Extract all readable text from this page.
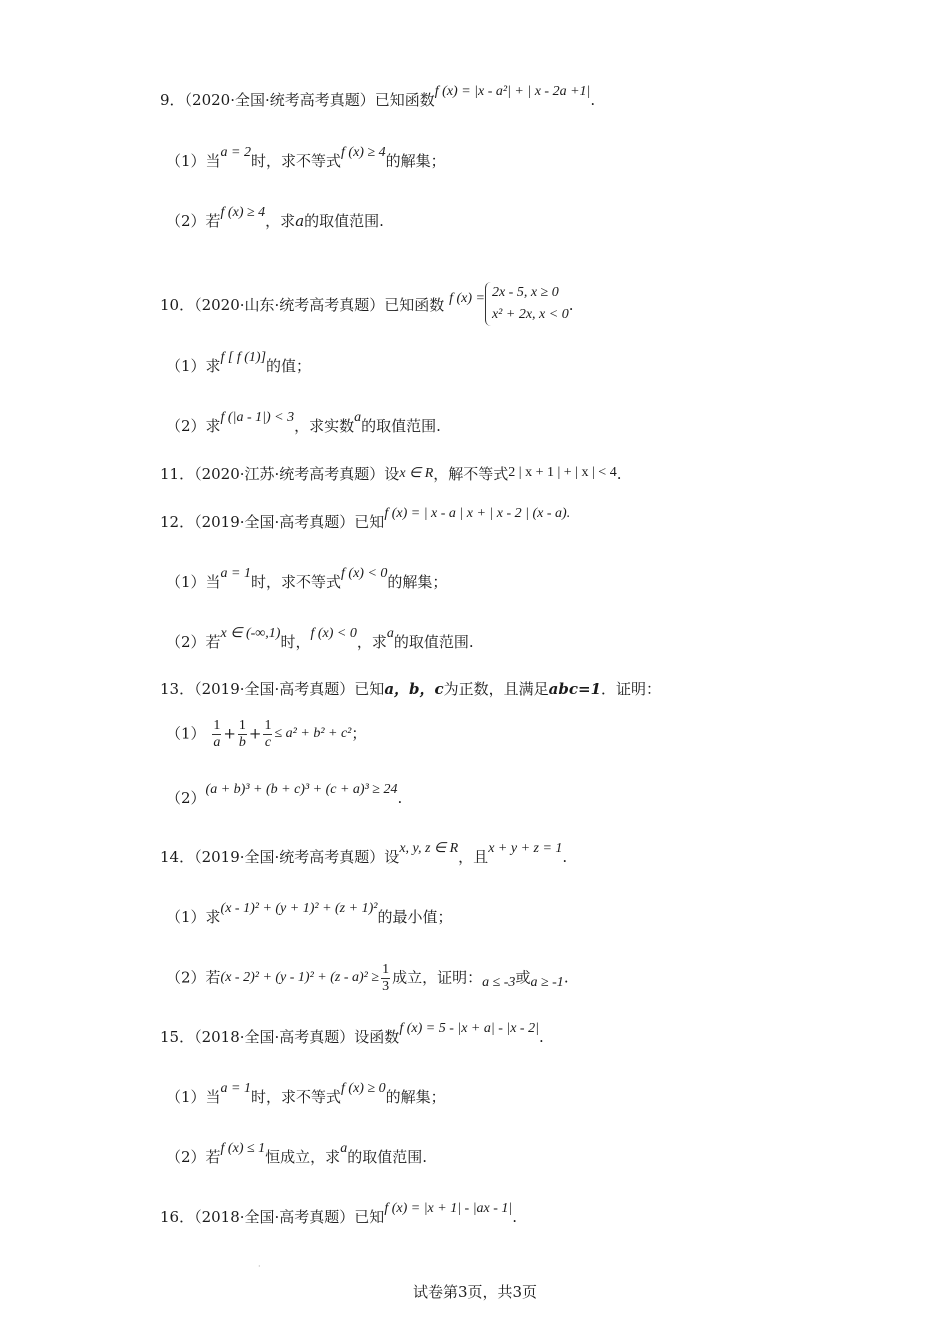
9．（2020·全国·统考高考真题）已知函数f (x) = |x - a²| + | x - 2a +1|.
（1）当a = 2时，求不等式f (x) ≥ 4的解集；
（2）若f (x) ≥ 4，求a的取值范围.
10．（2020·山东·统考高考真题）已知函数 f (x) = 2x - 5, x ≥ 0
x² + 2x, x < 0
.
（1）求f [ f (1)]的值；
（2）求f (|a - 1|) < 3，求实数a的取值范围.
11．（2020·江苏·统考高考真题）设x ∈ R，解不等式2 | x + 1 | + | x | < 4.
12．（2019·全国·高考真题）已知f (x) = | x - a | x + | x - 2 | (x - a).
（1）当a = 1时，求不等式f (x) < 0的解集；
（2）若x ∈ (-∞,1)时，f (x) < 0，求a的取值范围.
13．（2019·全国·高考真题）已知a，b，c为正数，且满足abc=1．证明：
$(1) \frac{1}{a} + \frac{1}{b} + \frac{1}{c} \le a^2 + b^2 + c^2$；
（2）(a + b)³ + (b + c)³ + (c + a)³ ≥ 24.
14．（2019·全国·统考高考真题）设x, y, z ∈ R，且x + y + z = 1.
（1）求(x - 1)² + (y + 1)² + (z + 1)²的最小值；
（2）若$(x - 2)^2 + (y - 1)^2 + (z - a)^2 \ge \frac{1}{3}$ 成立，证明：a ≤ -3或a ≥ -1.
15．（2018·全国·高考真题）设函数f (x) = 5 - |x + a| - |x - 2|.
（1）当a = 1时，求不等式f (x) ≥ 0的解集；
（2）若f (x) ≤ 1恒成立，求a的取值范围.
16．（2018·全国·高考真题）已知f (x) = |x + 1| - |ax - 1|.
·
试卷第3页，共3页
